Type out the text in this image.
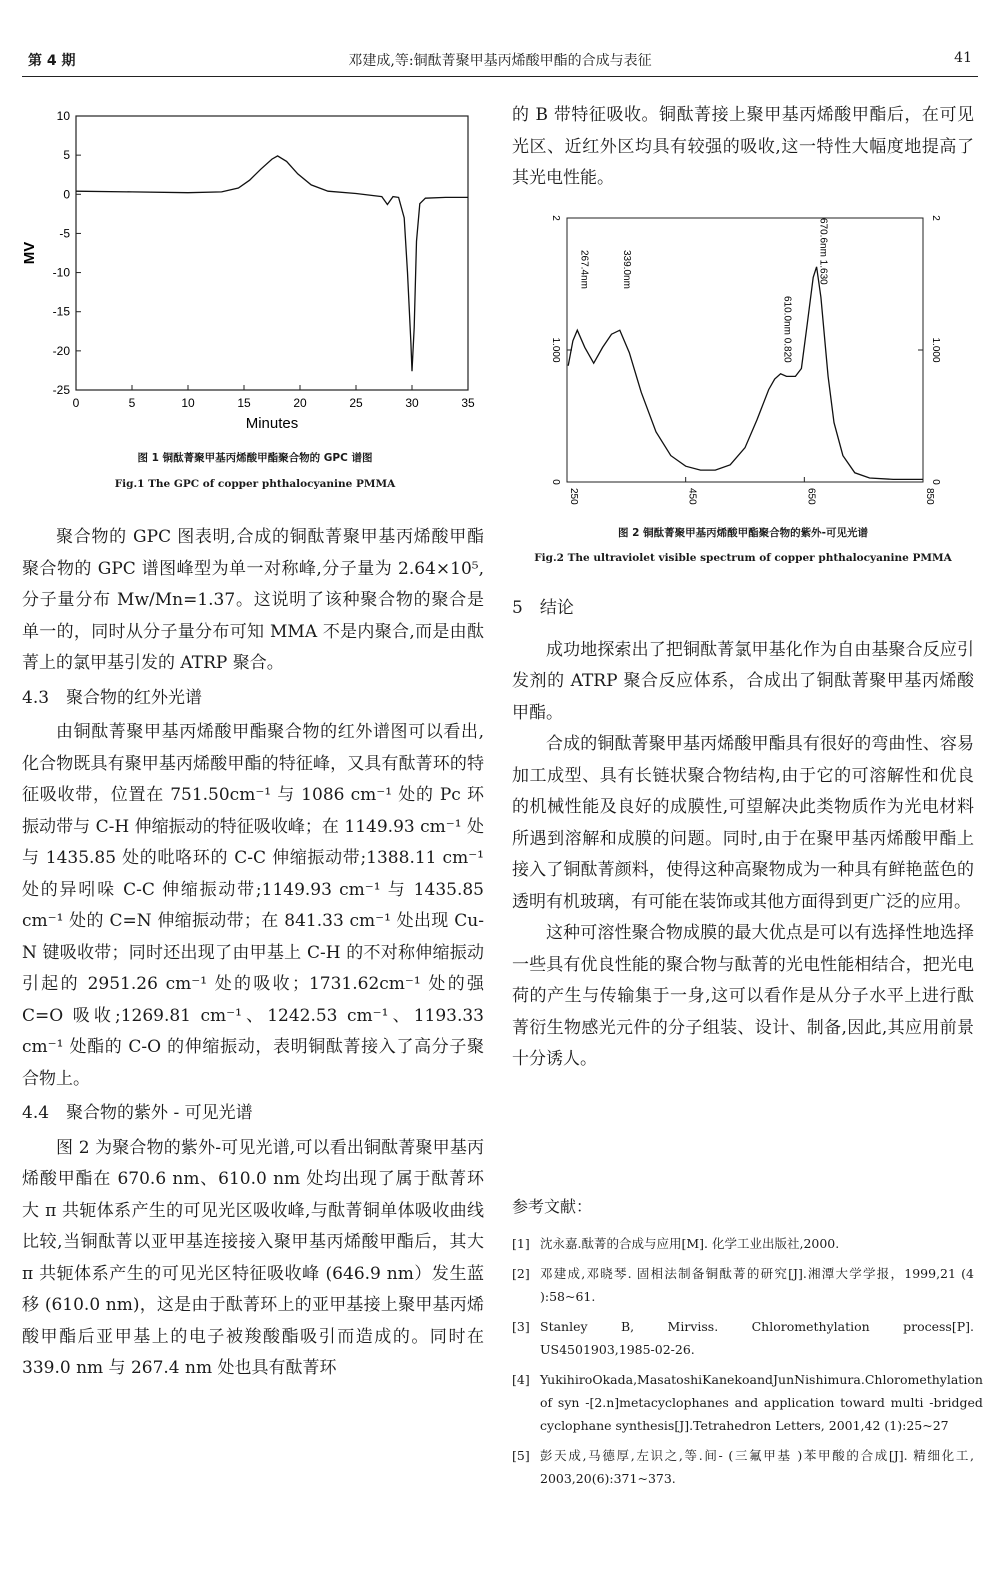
第 4 期	邓建成,等:铜酞菁聚甲基丙烯酸甲酯的合成与表征	41
0	5	10	15	20	25	30	35
10
5
0
-5
-10
-15
-20
-25
Minutes
MV
图 1 铜酞菁聚甲基丙烯酸甲酯聚合物的 GPC 谱图
Fig.1 The GPC of copper phthalocyanine PMMA

聚合物的 GPC 图表明,合成的铜酞菁聚甲基丙烯酸甲酯聚合物的 GPC 谱图峰型为单一对称峰,分子量为 2.64×10⁵,分子量分布 Mw/Mn=1.37。这说明了该种聚合物的聚合是单一的，同时从分子量分布可知 MMA 不是内聚合,而是由酞菁上的氯甲基引发的 ATRP 聚合。

4.3　聚合物的红外光谱

由铜酞菁聚甲基丙烯酸甲酯聚合物的红外谱图可以看出,化合物既具有聚甲基丙烯酸甲酯的特征峰，又具有酞菁环的特征吸收带，位置在 751.50cm⁻¹ 与 1086 cm⁻¹ 处的 Pc 环振动带与 C-H 伸缩振动的特征吸收峰；在 1149.93 cm⁻¹ 处与 1435.85 处的吡咯环的 C-C 伸缩振动带;1388.11 cm⁻¹ 处的异吲哚 C-C 伸缩振动带;1149.93 cm⁻¹ 与 1435.85 cm⁻¹ 处的 C=N 伸缩振动带；在 841.33 cm⁻¹ 处出现 Cu-N 键吸收带；同时还出现了由甲基上 C-H 的不对称伸缩振动引起的 2951.26 cm⁻¹ 处的吸收；1731.62cm⁻¹ 处的强 C=O 吸收;1269.81 cm⁻¹、1242.53 cm⁻¹、1193.33 cm⁻¹ 处酯的 C-O 的伸缩振动，表明铜酞菁接入了高分子聚合物上。

4.4　聚合物的紫外 - 可见光谱

图 2 为聚合物的紫外-可见光谱,可以看出铜酞菁聚甲基丙烯酸甲酯在 670.6 nm、610.0 nm 处均出现了属于酞菁环大 π 共轭体系产生的可见光区吸收峰,与酞菁铜单体吸收曲线比较,当铜酞菁以亚甲基连接接入聚甲基丙烯酸甲酯后，其大 π 共轭体系产生的可见光区特征吸收峰 (646.9 nm）发生蓝移 (610.0 nm)，这是由于酞菁环上的亚甲基接上聚甲基丙烯酸甲酯后亚甲基上的电子被羧酸酯吸引而造成的。同时在 339.0 nm 与 267.4 nm 处也具有酞菁环

的 B 带特征吸收。铜酞菁接上聚甲基丙烯酸甲酯后，在可见光区、近红外区均具有较强的吸收,这一特性大幅度地提高了其光电性能。

250	450	650	850
2
1.000
0
2
1.000
0
267.4nm	339.0nm
610.0nm 0.820
670.6nm 1.630
图 2 铜酞菁聚甲基丙烯酸甲酯聚合物的紫外-可见光谱
Fig.2 The ultraviolet visible spectrum of copper phthalocyanine PMMA

5　结论

成功地探索出了把铜酞菁氯甲基化作为自由基聚合反应引发剂的 ATRP 聚合反应体系，合成出了铜酞菁聚甲基丙烯酸甲酯。

合成的铜酞菁聚甲基丙烯酸甲酯具有很好的弯曲性、容易加工成型、具有长链状聚合物结构,由于它的可溶解性和优良的机械性能及良好的成膜性,可望解决此类物质作为光电材料所遇到溶解和成膜的问题。同时,由于在聚甲基丙烯酸甲酯上接入了铜酞菁颜料，使得这种高聚物成为一种具有鲜艳蓝色的透明有机玻璃，有可能在装饰或其他方面得到更广泛的应用。

这种可溶性聚合物成膜的最大优点是可以有选择性地选择一些具有优良性能的聚合物与酞菁的光电性能相结合，把光电荷的产生与传输集于一身,这可以看作是从分子水平上进行酞菁衍生物感光元件的分子组装、设计、制备,因此,其应用前景十分诱人。

参考文献：
[1] 沈永嘉.酞菁的合成与应用[M]. 化学工业出版社,2000.
[2] 邓建成,邓晓琴. 固相法制备铜酞菁的研究[J].湘潭大学学报，1999,21 (4 ):58~61.
[3] Stanley B, Mirviss. Chloromethylation process[P]. US4501903,1985-02-26.
[4] YukihiroOkada,MasatoshiKanekoandJunNishimura.Chloromethylation of syn -[2.n]metacyclophanes and application toward multi -bridged cyclophane synthesis[J].Tetrahedron Letters, 2001,42 (1):25~27
[5] 彭天成,马德厚,左识之,等.间- (三氟甲基 )苯甲酸的合成[J]. 精细化工, 2003,20(6):371~373.
